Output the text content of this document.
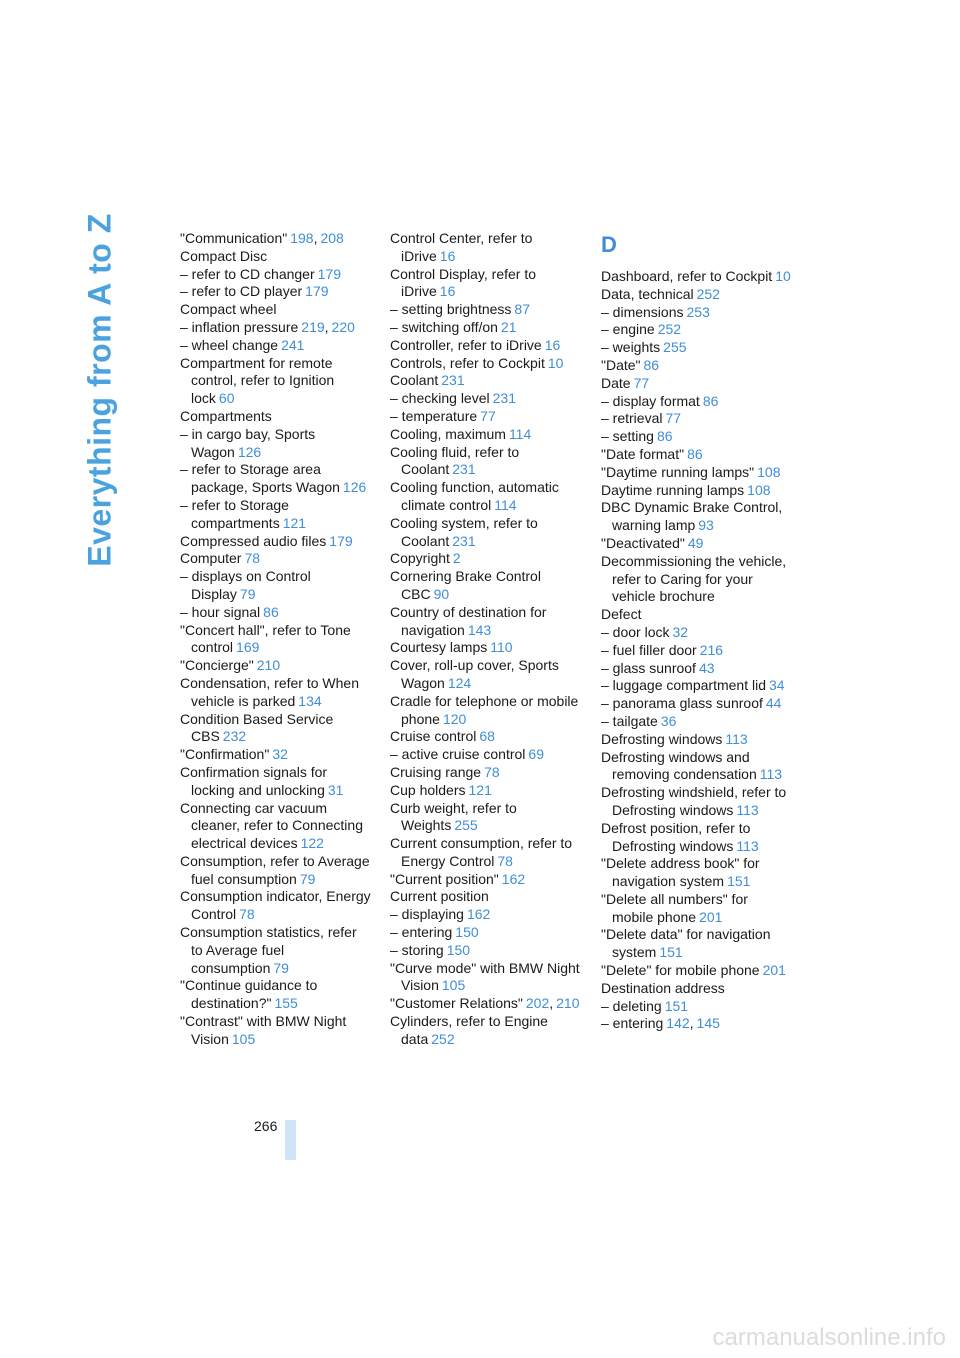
Everything from A to Z	"Communication" 198, 208
Compact Disc
– refer to CD changer 179
– refer to CD player 179
Compact wheel
– inflation pressure 219, 220
– wheel change 241
Compartment for remote control, refer to Ignition lock 60
Compartments
– in cargo bay, Sports Wagon 126
– refer to Storage area package, Sports Wagon 126
– refer to Storage compartments 121
Compressed audio files 179
Computer 78
– displays on Control Display 79
– hour signal 86
"Concert hall", refer to Tone control 169
"Concierge" 210
Condensation, refer to When vehicle is parked 134
Condition Based Service CBS 232
"Confirmation" 32
Confirmation signals for locking and unlocking 31
Connecting car vacuum cleaner, refer to Connecting electrical devices 122
Consumption, refer to Average fuel consumption 79
Consumption indicator, Energy Control 78
Consumption statistics, refer to Average fuel consumption 79
"Continue guidance to destination?" 155
"Contrast" with BMW Night Vision 105
Control Center, refer to iDrive 16
Control Display, refer to iDrive 16
– setting brightness 87
– switching off/on 21
Controller, refer to iDrive 16
Controls, refer to Cockpit 10
Coolant 231
– checking level 231
– temperature 77
Cooling, maximum 114
Cooling fluid, refer to Coolant 231
Cooling function, automatic climate control 114
Cooling system, refer to Coolant 231
Copyright 2
Cornering Brake Control CBC 90
Country of destination for navigation 143
Courtesy lamps 110
Cover, roll-up cover, Sports Wagon 124
Cradle for telephone or mobile phone 120
Cruise control 68
– active cruise control 69
Cruising range 78
Cup holders 121
Curb weight, refer to Weights 255
Current consumption, refer to Energy Control 78
"Current position" 162
Current position
– displaying 162
– entering 150
– storing 150
"Curve mode" with BMW Night Vision 105
"Customer Relations" 202, 210
Cylinders, refer to Engine data 252
D
Dashboard, refer to Cockpit 10
Data, technical 252
– dimensions 253
– engine 252
– weights 255
"Date" 86
Date 77
– display format 86
– retrieval 77
– setting 86
"Date format" 86
"Daytime running lamps" 108
Daytime running lamps 108
DBC Dynamic Brake Control, warning lamp 93
"Deactivated" 49
Decommissioning the vehicle, refer to Caring for your vehicle brochure
Defect
– door lock 32
– fuel filler door 216
– glass sunroof 43
– luggage compartment lid 34
– panorama glass sunroof 44
– tailgate 36
Defrosting windows 113
Defrosting windows and removing condensation 113
Defrosting windshield, refer to Defrosting windows 113
Defrost position, refer to Defrosting windows 113
"Delete address book" for navigation system 151
"Delete all numbers" for mobile phone 201
"Delete data" for navigation system 151
"Delete" for mobile phone 201
Destination address
– deleting 151
– entering 142, 145
266
carmanualsonline.info
